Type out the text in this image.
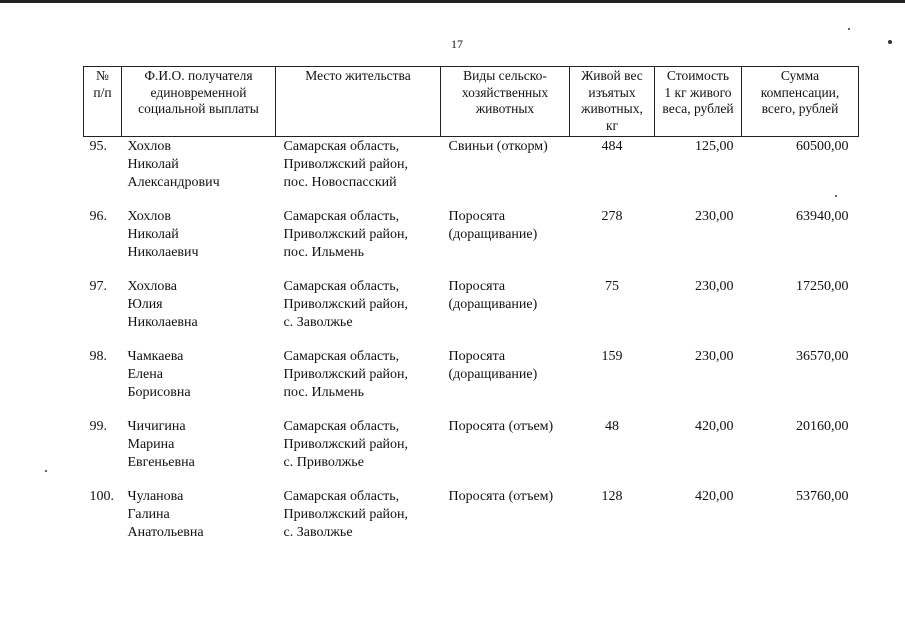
17
№
п/п	Ф.И.О. получателя
единовременной
социальной выплаты	Место жительства	Виды сельско-
хозяйственных
животных	Живой вес
изъятых
животных,
кг	Стоимость
1 кг живого
веса, рублей	Сумма
компенсации,
всего, рублей

95.	Хохлов
Николай
Александрович	Самарская область,
Приволжский район,
пос. Новоспасский	Свиньи (откорм)	484	125,00	60500,00
96.	Хохлов
Николай
Николаевич	Самарская область,
Приволжский район,
пос. Ильмень	Поросята
(доращивание)	278	230,00	63940,00
97.	Хохлова
Юлия
Николаевна	Самарская область,
Приволжский район,
с. Заволжье	Поросята
(доращивание)	75	230,00	17250,00
98.	Чамкаева
Елена
Борисовна	Самарская область,
Приволжский район,
пос. Ильмень	Поросята
(доращивание)	159	230,00	36570,00
99.	Чичигина
Марина
Евгеньевна	Самарская область,
Приволжский район,
с. Приволжье	Поросята (отъем)	48	420,00	20160,00
100.	Чуланова
Галина
Анатольевна	Самарская область,
Приволжский район,
с. Заволжье	Поросята (отъем)	128	420,00	53760,00
